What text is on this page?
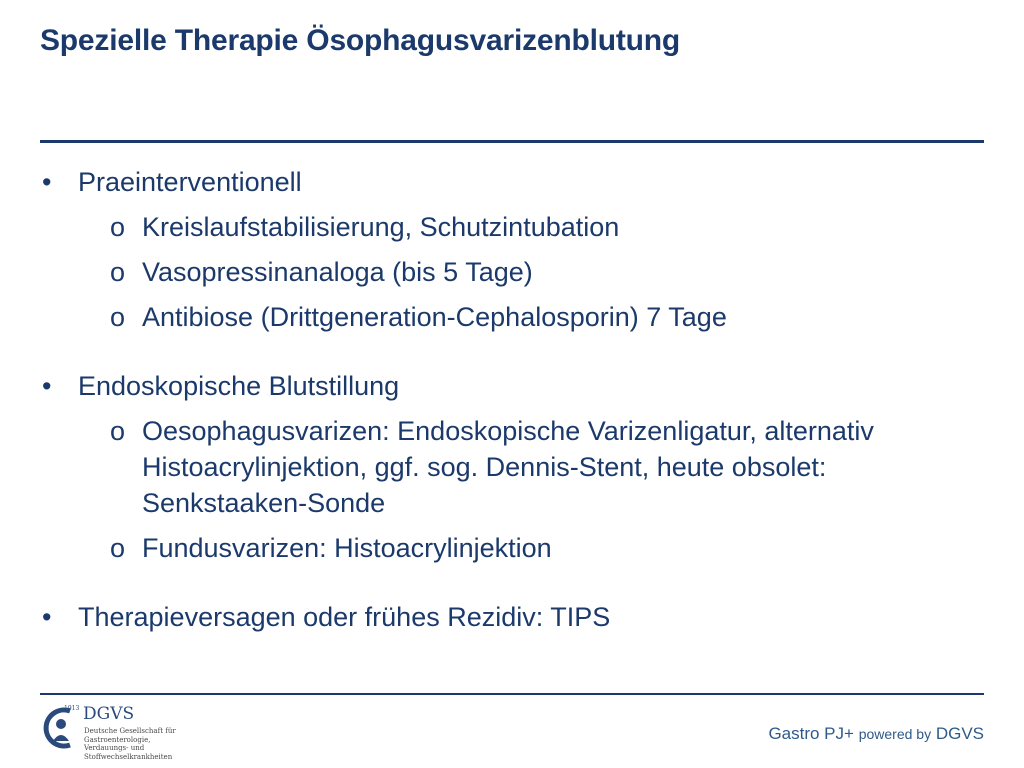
Spezielle Therapie Ösophagusvarizenblutung
• Praeinterventionell
o Kreislaufstabilisierung, Schutzintubation
o Vasopressinanaloga (bis 5 Tage)
o Antibiose (Drittgeneration-Cephalosporin) 7 Tage
• Endoskopische Blutstillung
o Oesophagusvarizen: Endoskopische Varizenligatur, alternativ Histoacrylinjektion, ggf. sog. Dennis-Stent, heute obsolet: Senkstaaken-Sonde
o Fundusvarizen: Histoacrylinjektion
• Therapieversagen oder frühes Rezidiv: TIPS
1913 DGVS
Deutsche Gesellschaft für Gastroenterologie, Verdauungs- und Stoffwechselkrankheiten
Gastro PJ+ powered by DGVS
